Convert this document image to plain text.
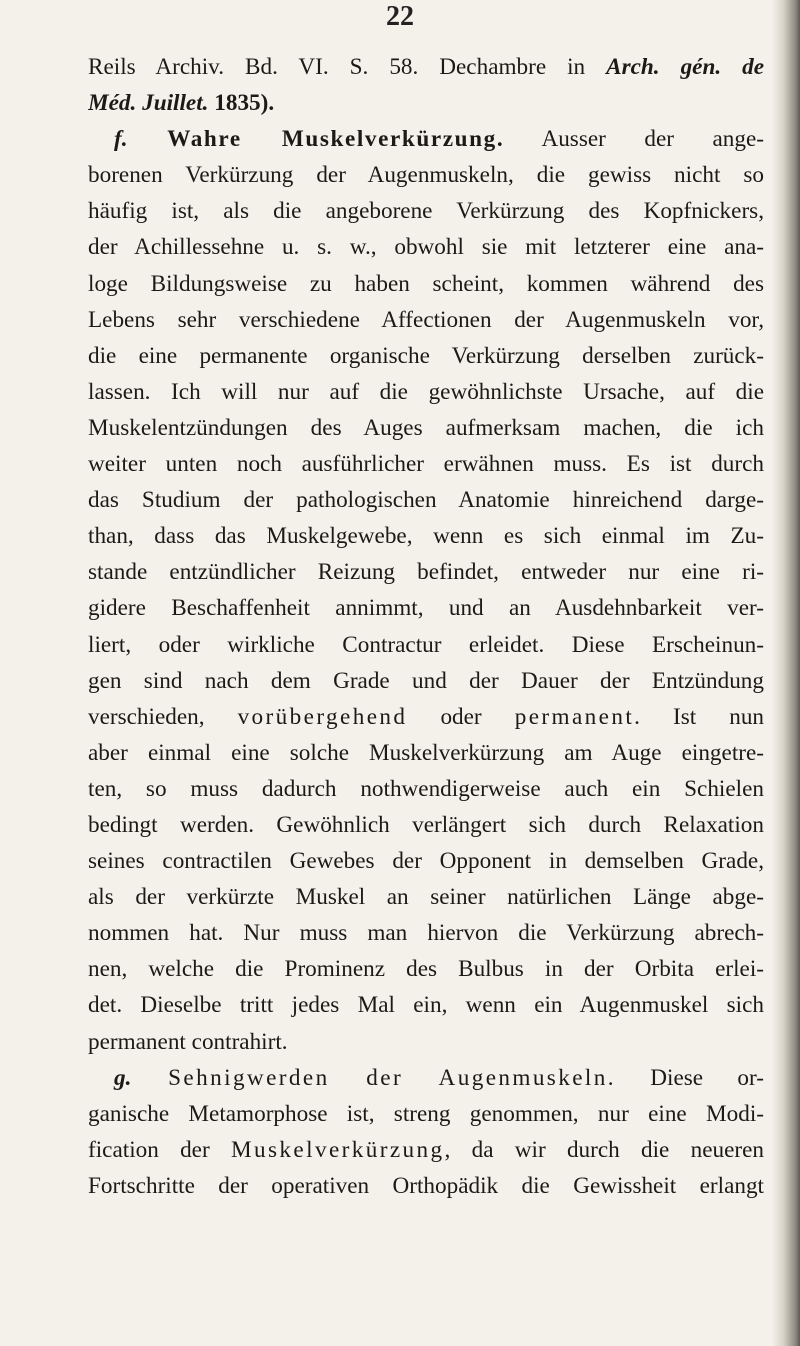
22
Reils Archiv. Bd. VI. S. 58. Dechambre in Arch. gén. de
Méd. Juillet. 1835).
f. Wahre Muskelverkürzung. Ausser der ange-
borenen Verkürzung der Augenmuskeln, die gewiss nicht so
häufig ist, als die angeborene Verkürzung des Kopfnickers,
der Achillessehne u. s. w., obwohl sie mit letzterer eine ana-
loge Bildungsweise zu haben scheint, kommen während des
Lebens sehr verschiedene Affectionen der Augenmuskeln vor,
die eine permanente organische Verkürzung derselben zurück-
lassen. Ich will nur auf die gewöhnlichste Ursache, auf die
Muskelentzündungen des Auges aufmerksam machen, die ich
weiter unten noch ausführlicher erwähnen muss. Es ist durch
das Studium der pathologischen Anatomie hinreichend darge-
than, dass das Muskelgewebe, wenn es sich einmal im Zu-
stande entzündlicher Reizung befindet, entweder nur eine ri-
gidere Beschaffenheit annimmt, und an Ausdehnbarkeit ver-
liert, oder wirkliche Contractur erleidet. Diese Erscheinun-
gen sind nach dem Grade und der Dauer der Entzündung
verschieden, vorübergehend oder permanent. Ist nun
aber einmal eine solche Muskelverkürzung am Auge eingetre-
ten, so muss dadurch nothwendigerweise auch ein Schielen
bedingt werden. Gewöhnlich verlängert sich durch Relaxation
seines contractilen Gewebes der Opponent in demselben Grade,
als der verkürzte Muskel an seiner natürlichen Länge abge-
nommen hat. Nur muss man hiervon die Verkürzung abrech-
nen, welche die Prominenz des Bulbus in der Orbita erlei-
det. Dieselbe tritt jedes Mal ein, wenn ein Augenmuskel sich
permanent contrahirt.
g. Sehnigwerden der Augenmuskeln. Diese or-
ganische Metamorphose ist, streng genommen, nur eine Modi-
fication der Muskelverkürzung, da wir durch die neueren
Fortschritte der operativen Orthopädik die Gewissheit erlangt
